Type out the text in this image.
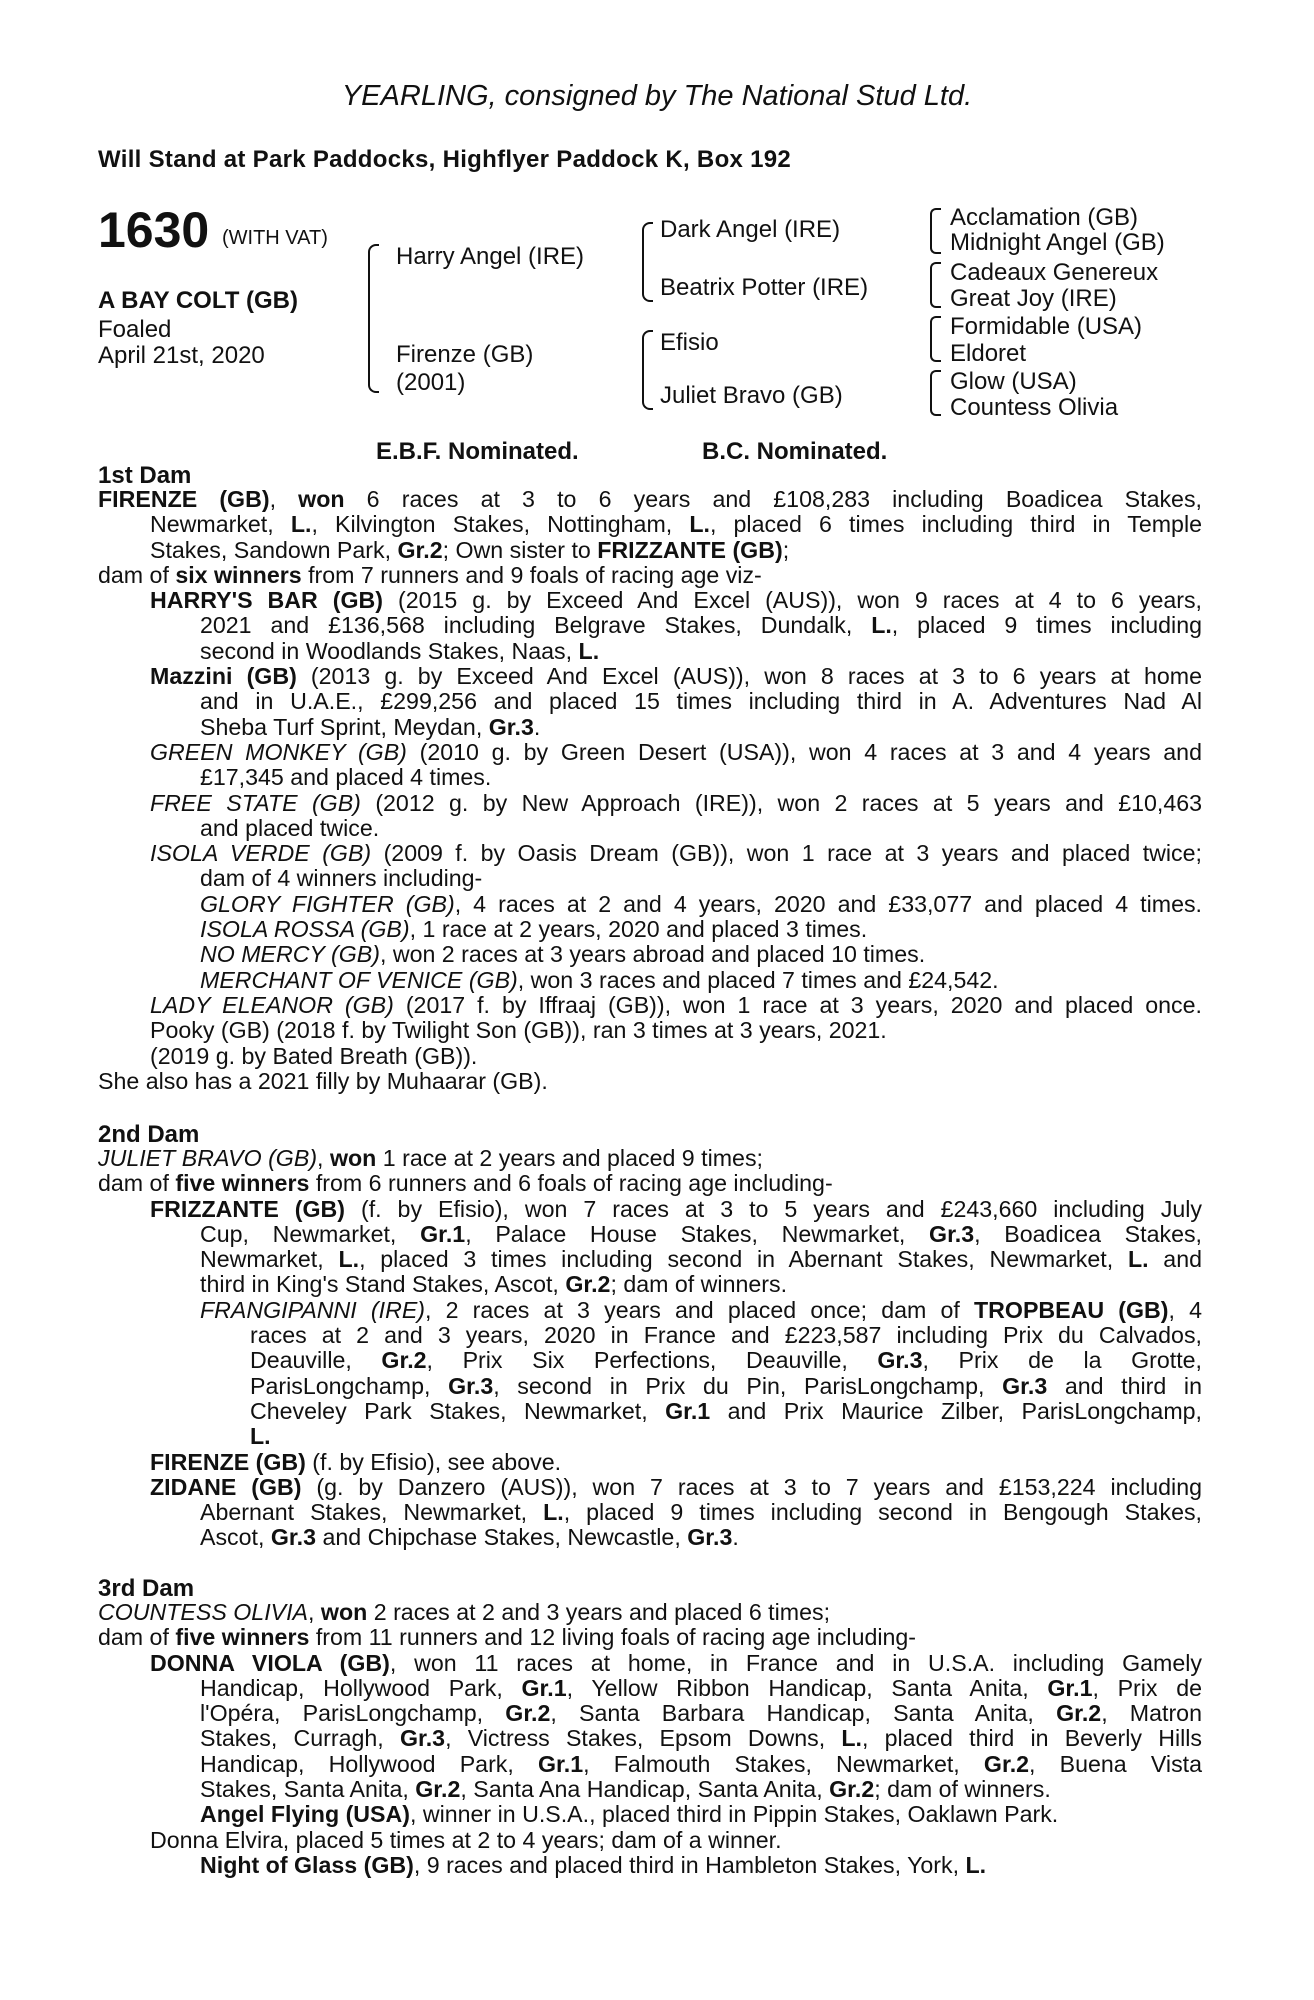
YEARLING, consigned by The National Stud Ltd.
Will Stand at Park Paddocks, Highflyer Paddock K, Box 192
1630 (WITH VAT)
A BAY COLT (GB)
Foaled
April 21st, 2020
Harry Angel (IRE)
Firenze (GB)
(2001)
Dark Angel (IRE)
Beatrix Potter (IRE)
Efisio
Juliet Bravo (GB)
Acclamation (GB)
Midnight Angel (GB)
Cadeaux Genereux
Great Joy (IRE)
Formidable (USA)
Eldoret
Glow (USA)
Countess Olivia
E.B.F. Nominated.	B.C. Nominated.
1st Dam
FIRENZE (GB), won 6 races at 3 to 6 years and £108,283 including Boadicea Stakes,
Newmarket, L., Kilvington Stakes, Nottingham, L., placed 6 times including third in Temple
Stakes, Sandown Park, Gr.2; Own sister to FRIZZANTE (GB);
dam of six winners from 7 runners and 9 foals of racing age viz-
HARRY'S BAR (GB) (2015 g. by Exceed And Excel (AUS)), won 9 races at 4 to 6 years,
2021 and £136,568 including Belgrave Stakes, Dundalk, L., placed 9 times including
second in Woodlands Stakes, Naas, L.
Mazzini (GB) (2013 g. by Exceed And Excel (AUS)), won 8 races at 3 to 6 years at home
and in U.A.E., £299,256 and placed 15 times including third in A. Adventures Nad Al
Sheba Turf Sprint, Meydan, Gr.3.
GREEN MONKEY (GB) (2010 g. by Green Desert (USA)), won 4 races at 3 and 4 years and
£17,345 and placed 4 times.
FREE STATE (GB) (2012 g. by New Approach (IRE)), won 2 races at 5 years and £10,463
and placed twice.
ISOLA VERDE (GB) (2009 f. by Oasis Dream (GB)), won 1 race at 3 years and placed twice;
dam of 4 winners including-
GLORY FIGHTER (GB), 4 races at 2 and 4 years, 2020 and £33,077 and placed 4 times.
ISOLA ROSSA (GB), 1 race at 2 years, 2020 and placed 3 times.
NO MERCY (GB), won 2 races at 3 years abroad and placed 10 times.
MERCHANT OF VENICE (GB), won 3 races and placed 7 times and £24,542.
LADY ELEANOR (GB) (2017 f. by Iffraaj (GB)), won 1 race at 3 years, 2020 and placed once.
Pooky (GB) (2018 f. by Twilight Son (GB)), ran 3 times at 3 years, 2021.
(2019 g. by Bated Breath (GB)).
She also has a 2021 filly by Muhaarar (GB).
2nd Dam
JULIET BRAVO (GB), won 1 race at 2 years and placed 9 times;
dam of five winners from 6 runners and 6 foals of racing age including-
FRIZZANTE (GB) (f. by Efisio), won 7 races at 3 to 5 years and £243,660 including July
Cup, Newmarket, Gr.1, Palace House Stakes, Newmarket, Gr.3, Boadicea Stakes,
Newmarket, L., placed 3 times including second in Abernant Stakes, Newmarket, L. and
third in King's Stand Stakes, Ascot, Gr.2; dam of winners.
FRANGIPANNI (IRE), 2 races at 3 years and placed once; dam of TROPBEAU (GB), 4
races at 2 and 3 years, 2020 in France and £223,587 including Prix du Calvados,
Deauville, Gr.2, Prix Six Perfections, Deauville, Gr.3, Prix de la Grotte,
ParisLongchamp, Gr.3, second in Prix du Pin, ParisLongchamp, Gr.3 and third in
Cheveley Park Stakes, Newmarket, Gr.1 and Prix Maurice Zilber, ParisLongchamp,
L.
FIRENZE (GB) (f. by Efisio), see above.
ZIDANE (GB) (g. by Danzero (AUS)), won 7 races at 3 to 7 years and £153,224 including
Abernant Stakes, Newmarket, L., placed 9 times including second in Bengough Stakes,
Ascot, Gr.3 and Chipchase Stakes, Newcastle, Gr.3.
3rd Dam
COUNTESS OLIVIA, won 2 races at 2 and 3 years and placed 6 times;
dam of five winners from 11 runners and 12 living foals of racing age including-
DONNA VIOLA (GB), won 11 races at home, in France and in U.S.A. including Gamely
Handicap, Hollywood Park, Gr.1, Yellow Ribbon Handicap, Santa Anita, Gr.1, Prix de
l'Opéra, ParisLongchamp, Gr.2, Santa Barbara Handicap, Santa Anita, Gr.2, Matron
Stakes, Curragh, Gr.3, Victress Stakes, Epsom Downs, L., placed third in Beverly Hills
Handicap, Hollywood Park, Gr.1, Falmouth Stakes, Newmarket, Gr.2, Buena Vista
Stakes, Santa Anita, Gr.2, Santa Ana Handicap, Santa Anita, Gr.2; dam of winners.
Angel Flying (USA), winner in U.S.A., placed third in Pippin Stakes, Oaklawn Park.
Donna Elvira, placed 5 times at 2 to 4 years; dam of a winner.
Night of Glass (GB), 9 races and placed third in Hambleton Stakes, York, L.
